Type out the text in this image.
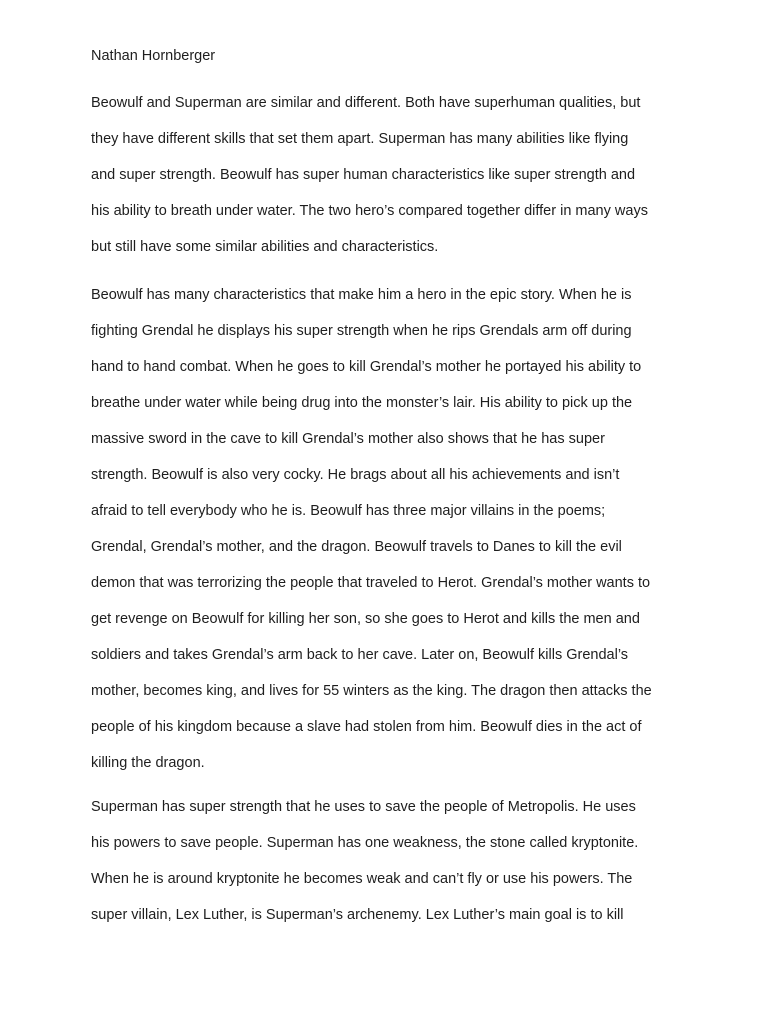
Nathan Hornberger
Beowulf and Superman are similar and different. Both have superhuman qualities, but
they have different skills that set them apart. Superman has many abilities like flying
and super strength. Beowulf has super human characteristics like super strength and
his ability to breath under water. The two hero’s compared together differ in many ways
but still have some similar abilities and characteristics.
Beowulf has many characteristics that make him a hero in the epic story. When he is
fighting Grendal he displays his super strength when he rips Grendals arm off during
hand to hand combat. When he goes to kill Grendal’s mother he portayed his ability to
breathe under water while being drug into the monster’s lair. His ability to pick up the
massive sword in the cave to kill Grendal’s mother also shows that he has super
strength. Beowulf is also very cocky. He brags about all his achievements and isn’t
afraid to tell everybody who he is. Beowulf has three major villains in the poems;
Grendal, Grendal’s mother, and the dragon. Beowulf travels to Danes to kill the evil
demon that was terrorizing the people that traveled to Herot. Grendal’s mother wants to
get revenge on Beowulf for killing her son, so she goes to Herot and kills the men and
soldiers and takes Grendal’s arm back to her cave. Later on, Beowulf kills Grendal’s
mother, becomes king, and lives for 55 winters as the king. The dragon then attacks the
people of his kingdom because a slave had stolen from him. Beowulf dies in the act of
killing the dragon.
Superman has super strength that he uses to save the people of Metropolis. He uses
his powers to save people. Superman has one weakness, the stone called kryptonite.
When he is around kryptonite he becomes weak and can’t fly or use his powers. The
super villain, Lex Luther, is Superman’s archenemy. Lex Luther’s main goal is to kill
